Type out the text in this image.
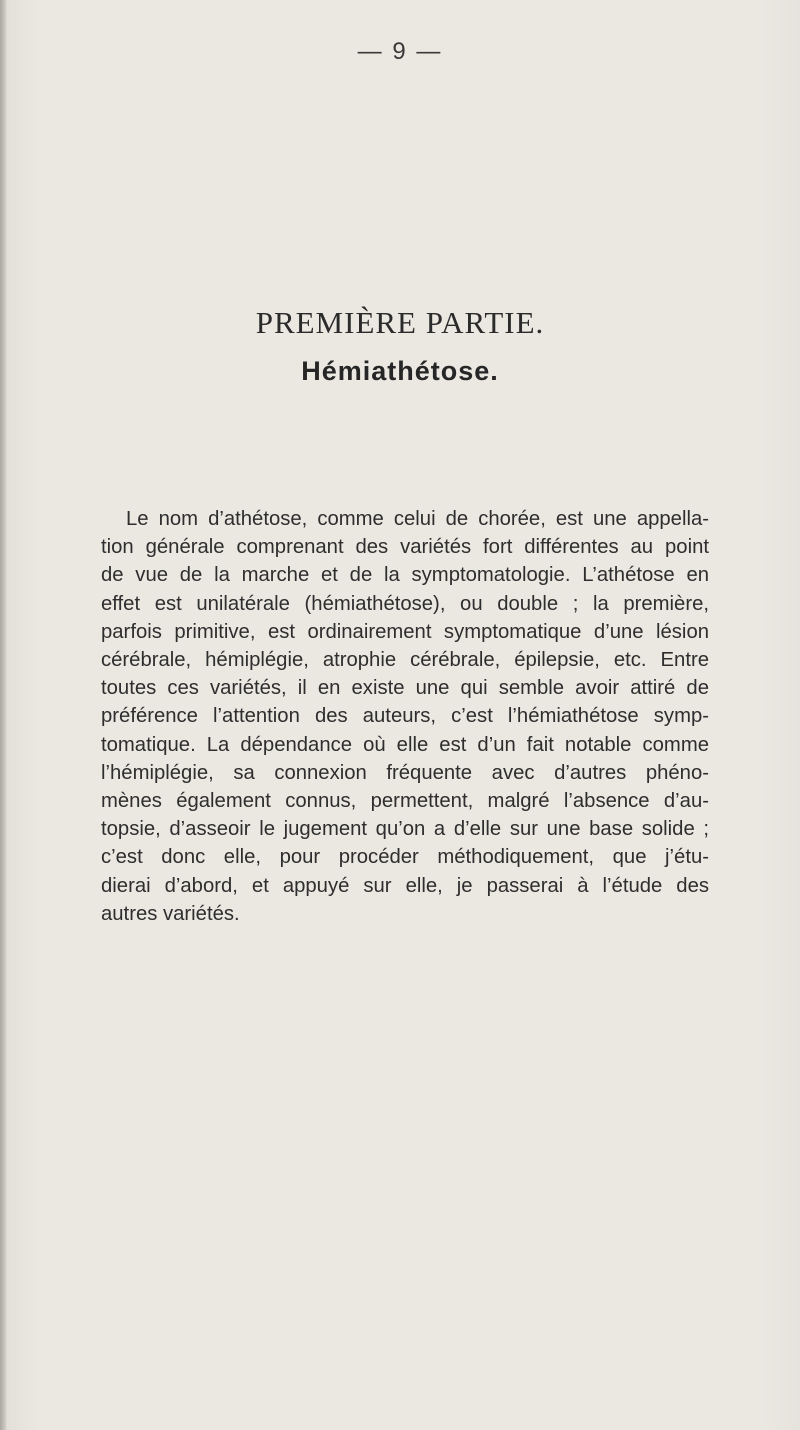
— 9 —
PREMIÈRE PARTIE.
Hémiathétose.

Le nom d’athétose, comme celui de chorée, est une appella-
tion générale comprenant des variétés fort différentes au point
de vue de la marche et de la symptomatologie. L’athétose en
effet est unilatérale (hémiathétose), ou double ; la première,
parfois primitive, est ordinairement symptomatique d’une lésion
cérébrale, hémiplégie, atrophie cérébrale, épilepsie, etc. Entre
toutes ces variétés, il en existe une qui semble avoir attiré de
préférence l’attention des auteurs, c’est l’hémiathétose symp-
tomatique. La dépendance où elle est d’un fait notable comme
l’hémiplégie, sa connexion fréquente avec d’autres phéno-
mènes également connus, permettent, malgré l’absence d’au-
topsie, d’asseoir le jugement qu’on a d’elle sur une base solide ;
c’est donc elle, pour procéder méthodiquement, que j’étu-
dierai d’abord, et appuyé sur elle, je passerai à l’étude des
autres variétés.
